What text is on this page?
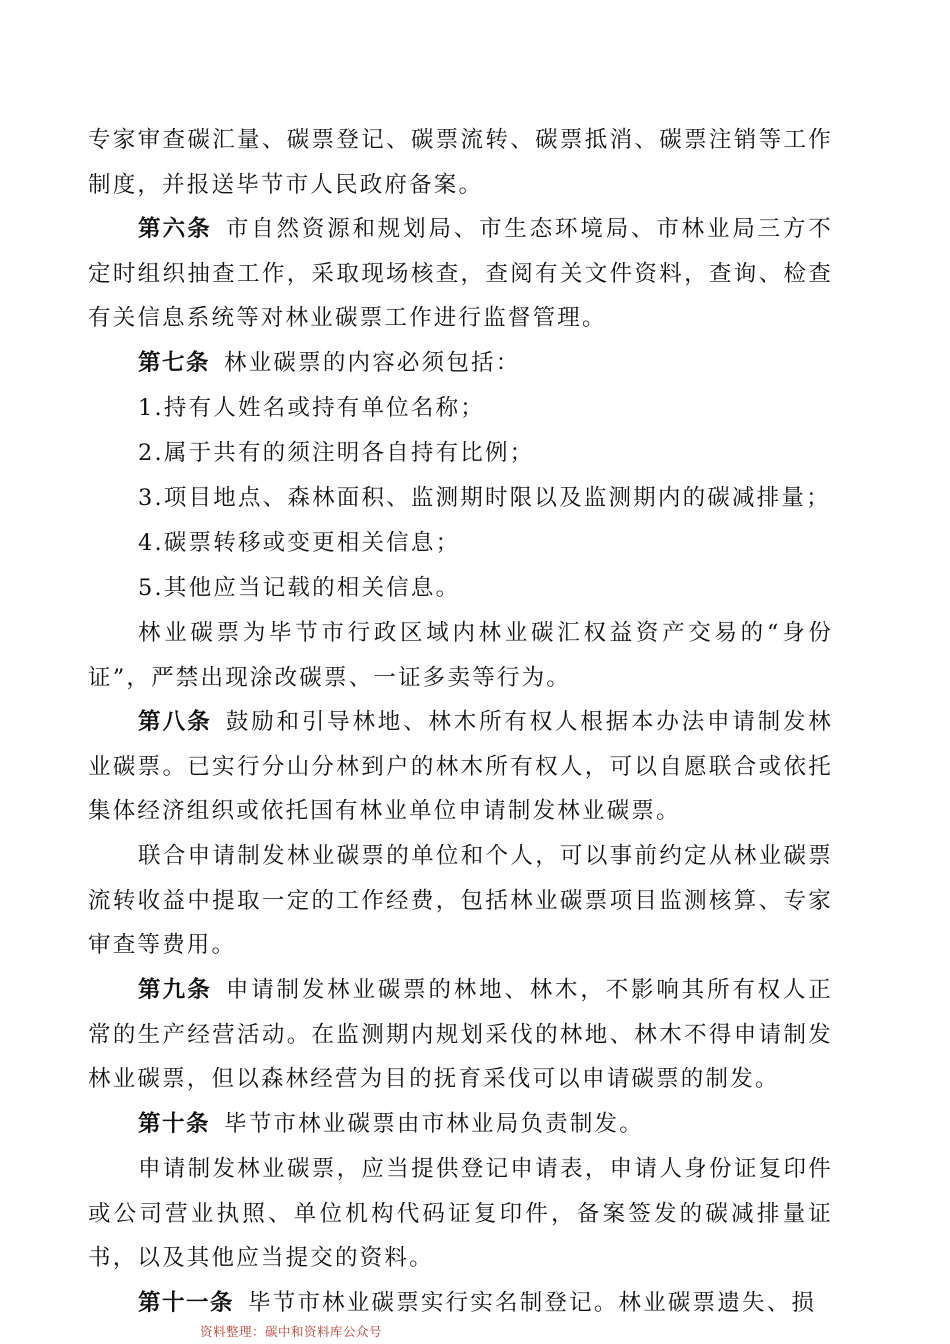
专家审查碳汇量、碳票登记、碳票流转、碳票抵消、碳票注销等工作制度，并报送毕节市人民政府备案。

第六条 市自然资源和规划局、市生态环境局、市林业局三方不定时组织抽查工作，采取现场核查，查阅有关文件资料，查询、检查有关信息系统等对林业碳票工作进行监督管理。

第七条 林业碳票的内容必须包括：

1.持有人姓名或持有单位名称；

2.属于共有的须注明各自持有比例；

3.项目地点、森林面积、监测期时限以及监测期内的碳减排量；

4.碳票转移或变更相关信息；

5.其他应当记载的相关信息。

林业碳票为毕节市行政区域内林业碳汇权益资产交易的“身份证”，严禁出现涂改碳票、一证多卖等行为。

第八条 鼓励和引导林地、林木所有权人根据本办法申请制发林业碳票。已实行分山分林到户的林木所有权人，可以自愿联合或依托集体经济组织或依托国有林业单位申请制发林业碳票。

联合申请制发林业碳票的单位和个人，可以事前约定从林业碳票流转收益中提取一定的工作经费，包括林业碳票项目监测核算、专家审查等费用。

第九条 申请制发林业碳票的林地、林木，不影响其所有权人正常的生产经营活动。在监测期内规划采伐的林地、林木不得申请制发林业碳票，但以森林经营为目的抚育采伐可以申请碳票的制发。

第十条 毕节市林业碳票由市林业局负责制发。

申请制发林业碳票，应当提供登记申请表，申请人身份证复印件或公司营业执照、单位机构代码证复印件，备案签发的碳减排量证书，以及其他应当提交的资料。

第十一条 毕节市林业碳票实行实名制登记。林业碳票遗失、损

资料整理：碳中和资料库公众号
